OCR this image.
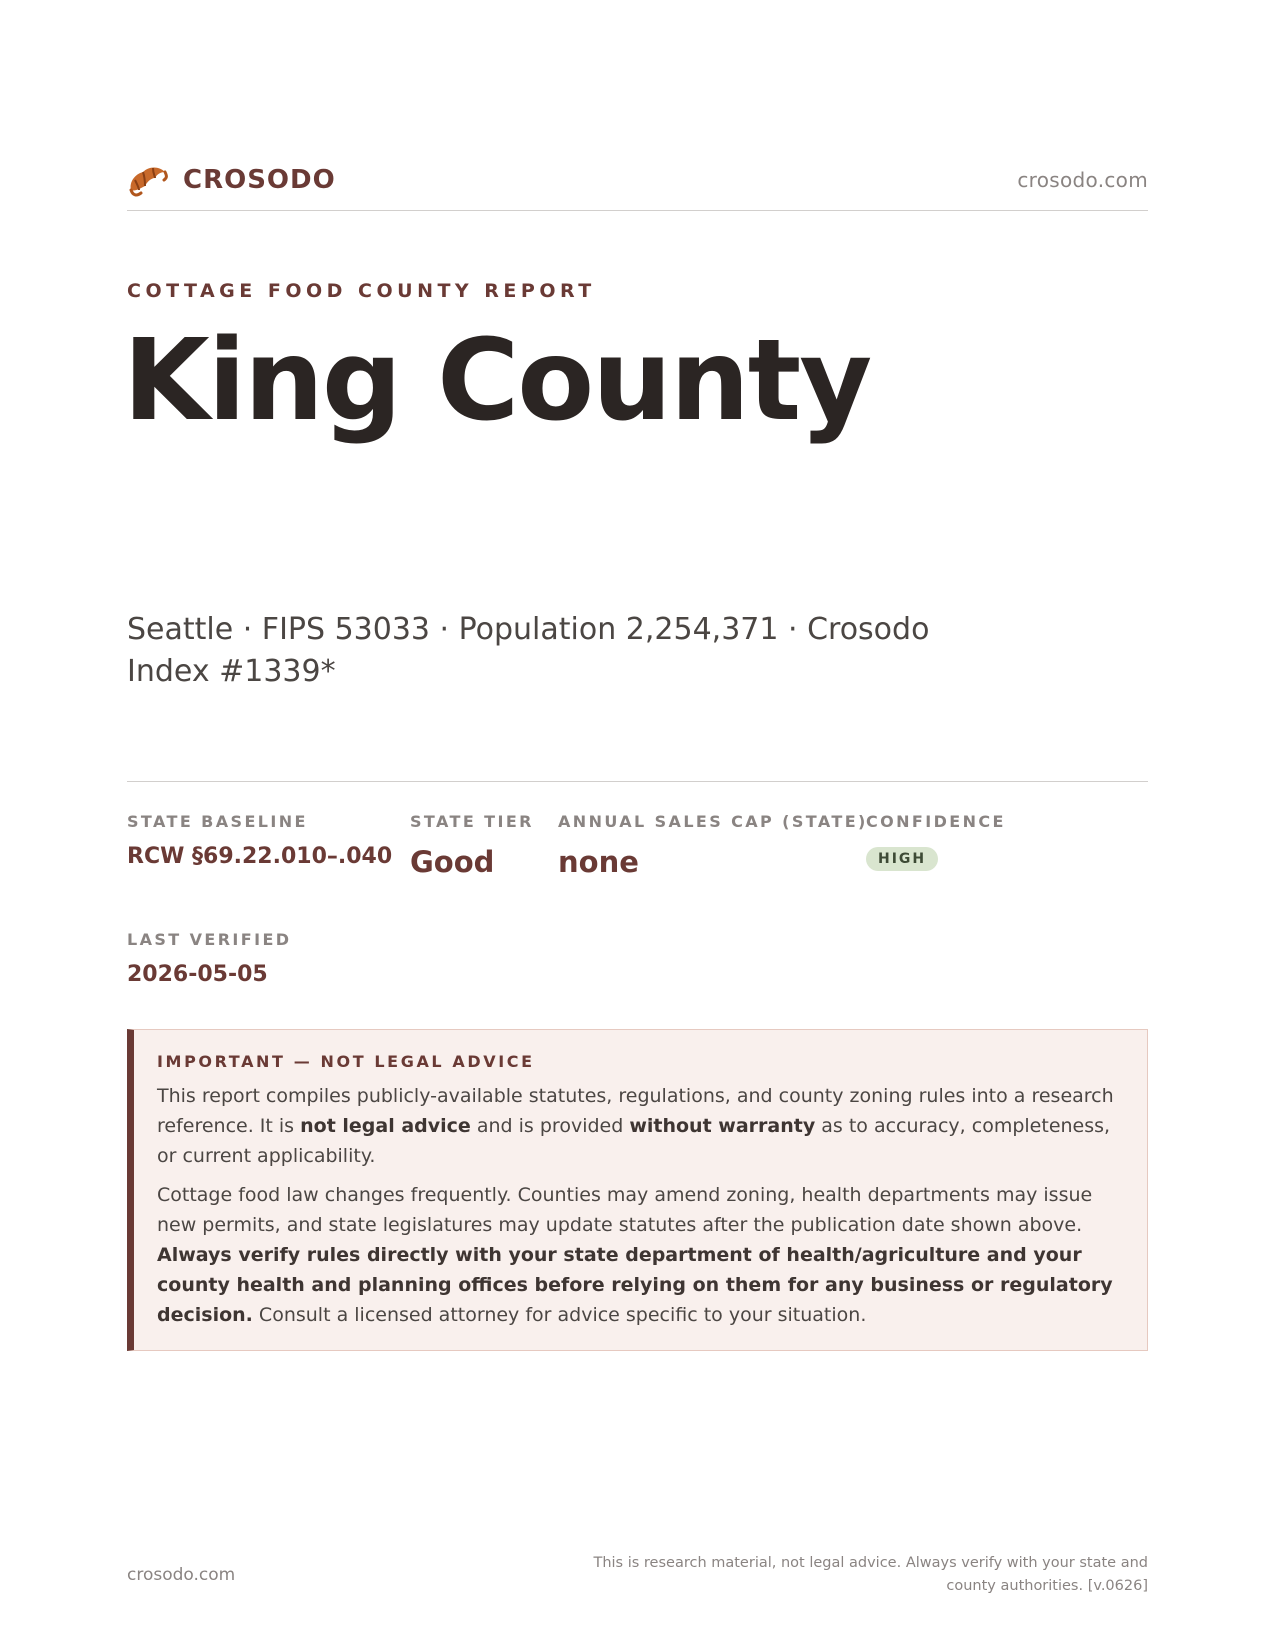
CROSODO	crosodo.com
COTTAGE FOOD COUNTY REPORT
King County
Seattle · FIPS 53033 · Population 2,254,371 · Crosodo Index #1339*
STATE BASELINE
RCW §69.22.010–.040
STATE TIER
Good
ANNUAL SALES CAP (STATE)
none
CONFIDENCE
HIGH
LAST VERIFIED
2026-05-05
IMPORTANT — NOT LEGAL ADVICE

This report compiles publicly-available statutes, regulations, and county zoning rules into a research reference. It is not legal advice and is provided without warranty as to accuracy, completeness, or current applicability.

Cottage food law changes frequently. Counties may amend zoning, health departments may issue new permits, and state legislatures may update statutes after the publication date shown above. Always verify rules directly with your state department of health/agriculture and your county health and planning offices before relying on them for any business or regulatory decision. Consult a licensed attorney for advice specific to your situation.

crosodo.com
This is research material, not legal advice. Always verify with your state and county authorities. [v.0626]
